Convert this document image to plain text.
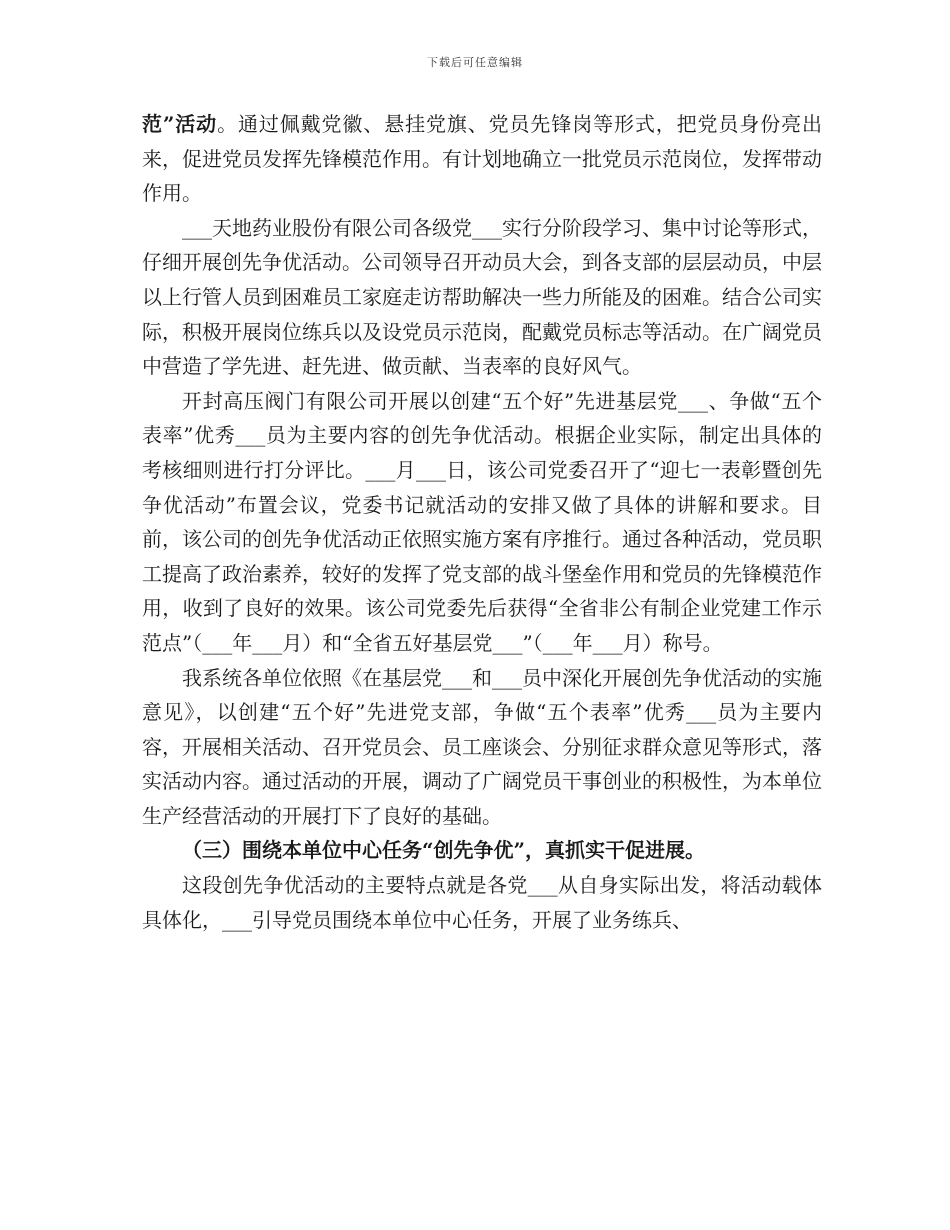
下载后可任意编辑

范”活动。通过佩戴党徽、悬挂党旗、党员先锋岗等形式，把党员身份亮出来，促进党员发挥先锋模范作用。有计划地确立一批党员示范岗位，发挥带动作用。

___天地药业股份有限公司各级党___实行分阶段学习、集中讨论等形式，仔细开展创先争优活动。公司领导召开动员大会，到各支部的层层动员，中层以上行管人员到困难员工家庭走访帮助解决一些力所能及的困难。结合公司实际，积极开展岗位练兵以及设党员示范岗，配戴党员标志等活动。在广阔党员中营造了学先进、赶先进、做贡献、当表率的良好风气。

开封高压阀门有限公司开展以创建“五个好”先进基层党___、争做“五个表率”优秀___员为主要内容的创先争优活动。根据企业实际，制定出具体的考核细则进行打分评比。___月___日，该公司党委召开了“迎七一表彰暨创先争优活动”布置会议，党委书记就活动的安排又做了具体的讲解和要求。目前，该公司的创先争优活动正依照实施方案有序推行。通过各种活动，党员职工提高了政治素养，较好的发挥了党支部的战斗堡垒作用和党员的先锋模范作用，收到了良好的效果。该公司党委先后获得“全省非公有制企业党建工作示范点”（___年___月）和“全省五好基层党___”（___年___月）称号。

我系统各单位依照《在基层党___和___员中深化开展创先争优活动的实施意见》，以创建“五个好”先进党支部，争做“五个表率”优秀___员为主要内容，开展相关活动、召开党员会、员工座谈会、分别征求群众意见等形式，落实活动内容。通过活动的开展，调动了广阔党员干事创业的积极性，为本单位生产经营活动的开展打下了良好的基础。

（三）围绕本单位中心任务“创先争优”，真抓实干促进展。

这段创先争优活动的主要特点就是各党___从自身实际出发，将活动载体具体化，___引导党员围绕本单位中心任务，开展了业务练兵、
